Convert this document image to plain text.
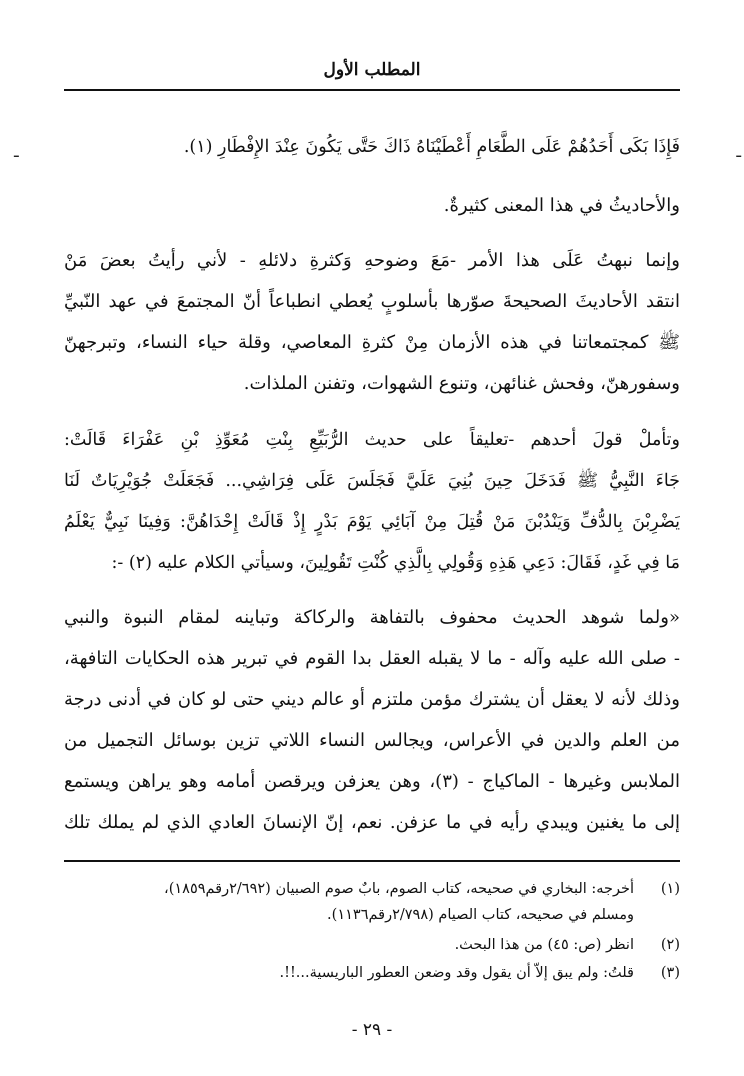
المطلب الأول
ـ
ـ	فَإِذَا بَكَى أَحَدُهُمْ عَلَى الطَّعَامِ أَعْطَيْنَاهُ ذَاكَ حَتَّى يَكُونَ عِنْدَ الإِفْطَارِ (١).
والأحاديثُ في هذا المعنى كثيرةٌ.
وإنما نبهتُ عَلَى هذا الأمر -مَعَ وضوحهِ وَكثرةِ دلائلهِ - لأني رأيتُ بعضَ مَنْ
انتقد الأحاديثَ الصحيحةَ صوّرها بأسلوبٍ يُعطي انطباعاً أنّ المجتمعَ في عهد النّبيِّ
ﷺ كمجتمعاتنا في هذه الأزمان مِنْ كثرةِ المعاصي، وقلة حياء النساء، وتبرجهنّ
وسفورهنّ، وفحش غنائهن، وتنوع الشهوات، وتفنن الملذات.
وتأملْ قولَ أحدهم -تعليقاً على حديث الرُّبَيِّعِ بِنْتِ مُعَوِّذِ بْنِ عَفْرَاءَ قَالَتْ:
جَاءَ النَّبِيُّ ﷺ فَدَخَلَ حِينَ بُنِيَ عَلَيَّ فَجَلَسَ عَلَى فِرَاشِي... فَجَعَلَتْ جُوَيْرِيَاتٌ لَنَا
يَضْرِبْنَ بِالدُّفِّ وَيَنْدُبْنَ مَنْ قُتِلَ مِنْ آبَائِي يَوْمَ بَدْرٍ إِذْ قَالَتْ إِحْدَاهُنَّ: وَفِينَا نَبِيٌّ يَعْلَمُ
مَا فِي غَدٍ، فَقَالَ: دَعِي هَذِهِ وَقُولِي بِالَّذِي كُنْتِ تَقُولِينَ، وسيأتي الكلام عليه (٢) -:
«ولما شوهد الحديث محفوف بالتفاهة والركاكة وتباينه لمقام النبوة والنبي
- صلى الله عليه وآله - ما لا يقبله العقل بدا القوم في تبرير هذه الحكايات التافهة،
وذلك لأنه لا يعقل أن يشترك مؤمن ملتزم أو عالم ديني حتى لو كان في أدنى درجة
من العلم والدين في الأعراس، ويجالس النساء اللاتي تزين بوسائل التجميل من
الملابس وغيرها - الماكياج - (٣)، وهن يعزفن ويرقصن أمامه وهو يراهن ويستمع
إلى ما يغنين ويبدي رأيه في ما عزفن. نعم، إنّ الإنسانَ العادي الذي لم يملك تلك
(١)
أخرجه: البخاري في صحيحه، كتاب الصوم، بابٌ صوم الصبيان (٢/٦٩٢رقم١٨٥٩)،
ومسلم في صحيحه، كتاب الصيام (٢/٧٩٨رقم١١٣٦).
(٢)
انظر (ص: ٤٥) من هذا البحث.
(٣)
قلتُ: ولم يبق إلاّ أن يقول وقد وضعن العطور الباريسية...!!.
- ٢٩ -
